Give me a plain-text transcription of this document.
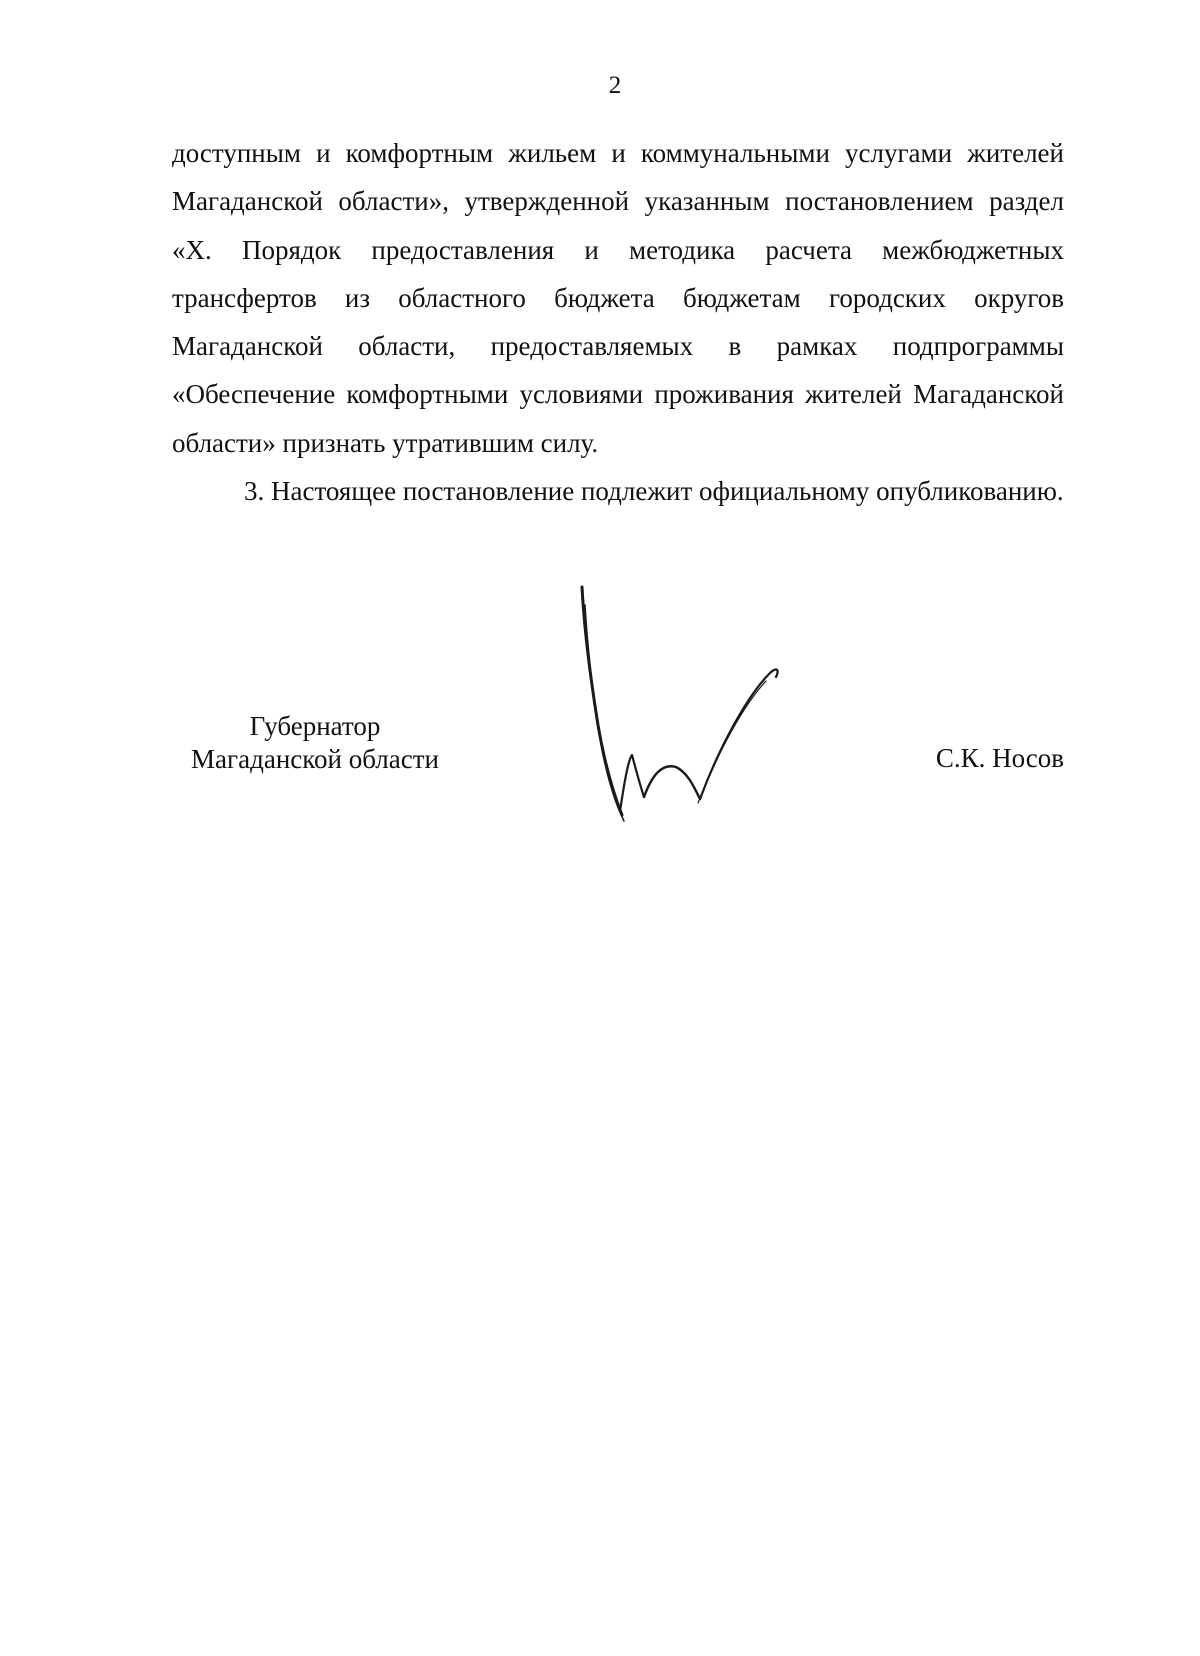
2

доступным и комфортным жильем и коммунальными услугами жителей Магаданской области», утвержденной указанным постановлением раздел «X. Порядок предоставления и методика расчета межбюджетных трансфертов из областного бюджета бюджетам городских округов Магаданской области, предоставляемых в рамках подпрограммы «Обеспечение комфортными условиями проживания жителей Магаданской области» признать утратившим силу.

3. Настоящее постановление подлежит официальному опубликованию.

Губернатор
Магаданской области	С.К. Носов
